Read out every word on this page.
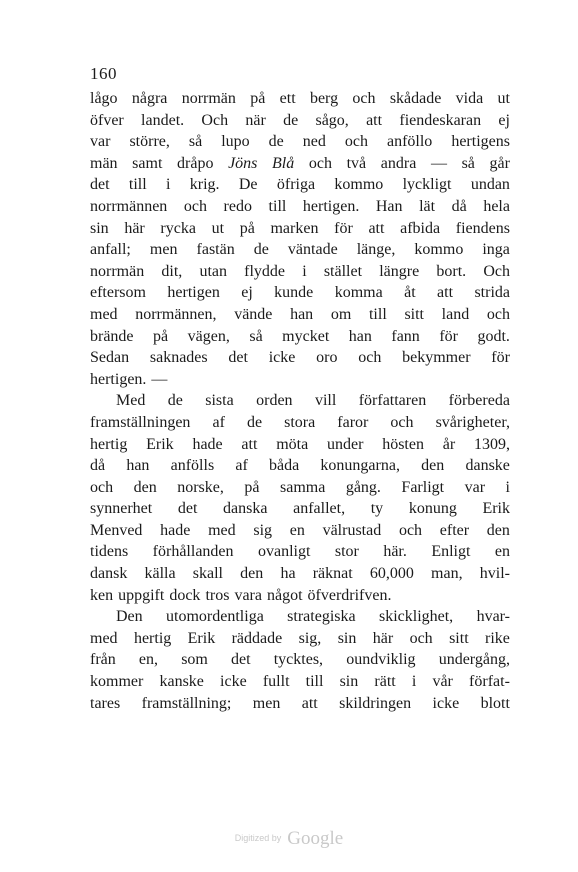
160
lågo några norrmän på ett berg och skådade vida ut
öfver landet. Och när de sågo, att fiendeskaran ej
var större, så lupo de ned och anföllo hertigens
män samt dråpo Jöns Blå och två andra — så går
det till i krig. De öfriga kommo lyckligt undan
norrmännen och redo till hertigen. Han lät då hela
sin här rycka ut på marken för att afbida fiendens
anfall; men fastän de väntade länge, kommo inga
norrmän dit, utan flydde i stället längre bort. Och
eftersom hertigen ej kunde komma åt att strida
med norrmännen, vände han om till sitt land och
brände på vägen, så mycket han fann för godt.
Sedan saknades det icke oro och bekymmer för
hertigen. —
Med de sista orden vill författaren förbereda
framställningen af de stora faror och svårigheter,
hertig Erik hade att möta under hösten år 1309,
då han anfölls af båda konungarna, den danske
och den norske, på samma gång. Farligt var i
synnerhet det danska anfallet, ty konung Erik
Menved hade med sig en välrustad och efter den
tidens förhållanden ovanligt stor här. Enligt en
dansk källa skall den ha räknat 60,000 man, hvil-
ken uppgift dock tros vara något öfverdrifven.
Den utomordentliga strategiska skicklighet, hvar-
med hertig Erik räddade sig, sin här och sitt rike
från en, som det tycktes, oundviklig undergång,
kommer kanske icke fullt till sin rätt i vår förfat-
tares framställning; men att skildringen icke blott
Digitized by Google
